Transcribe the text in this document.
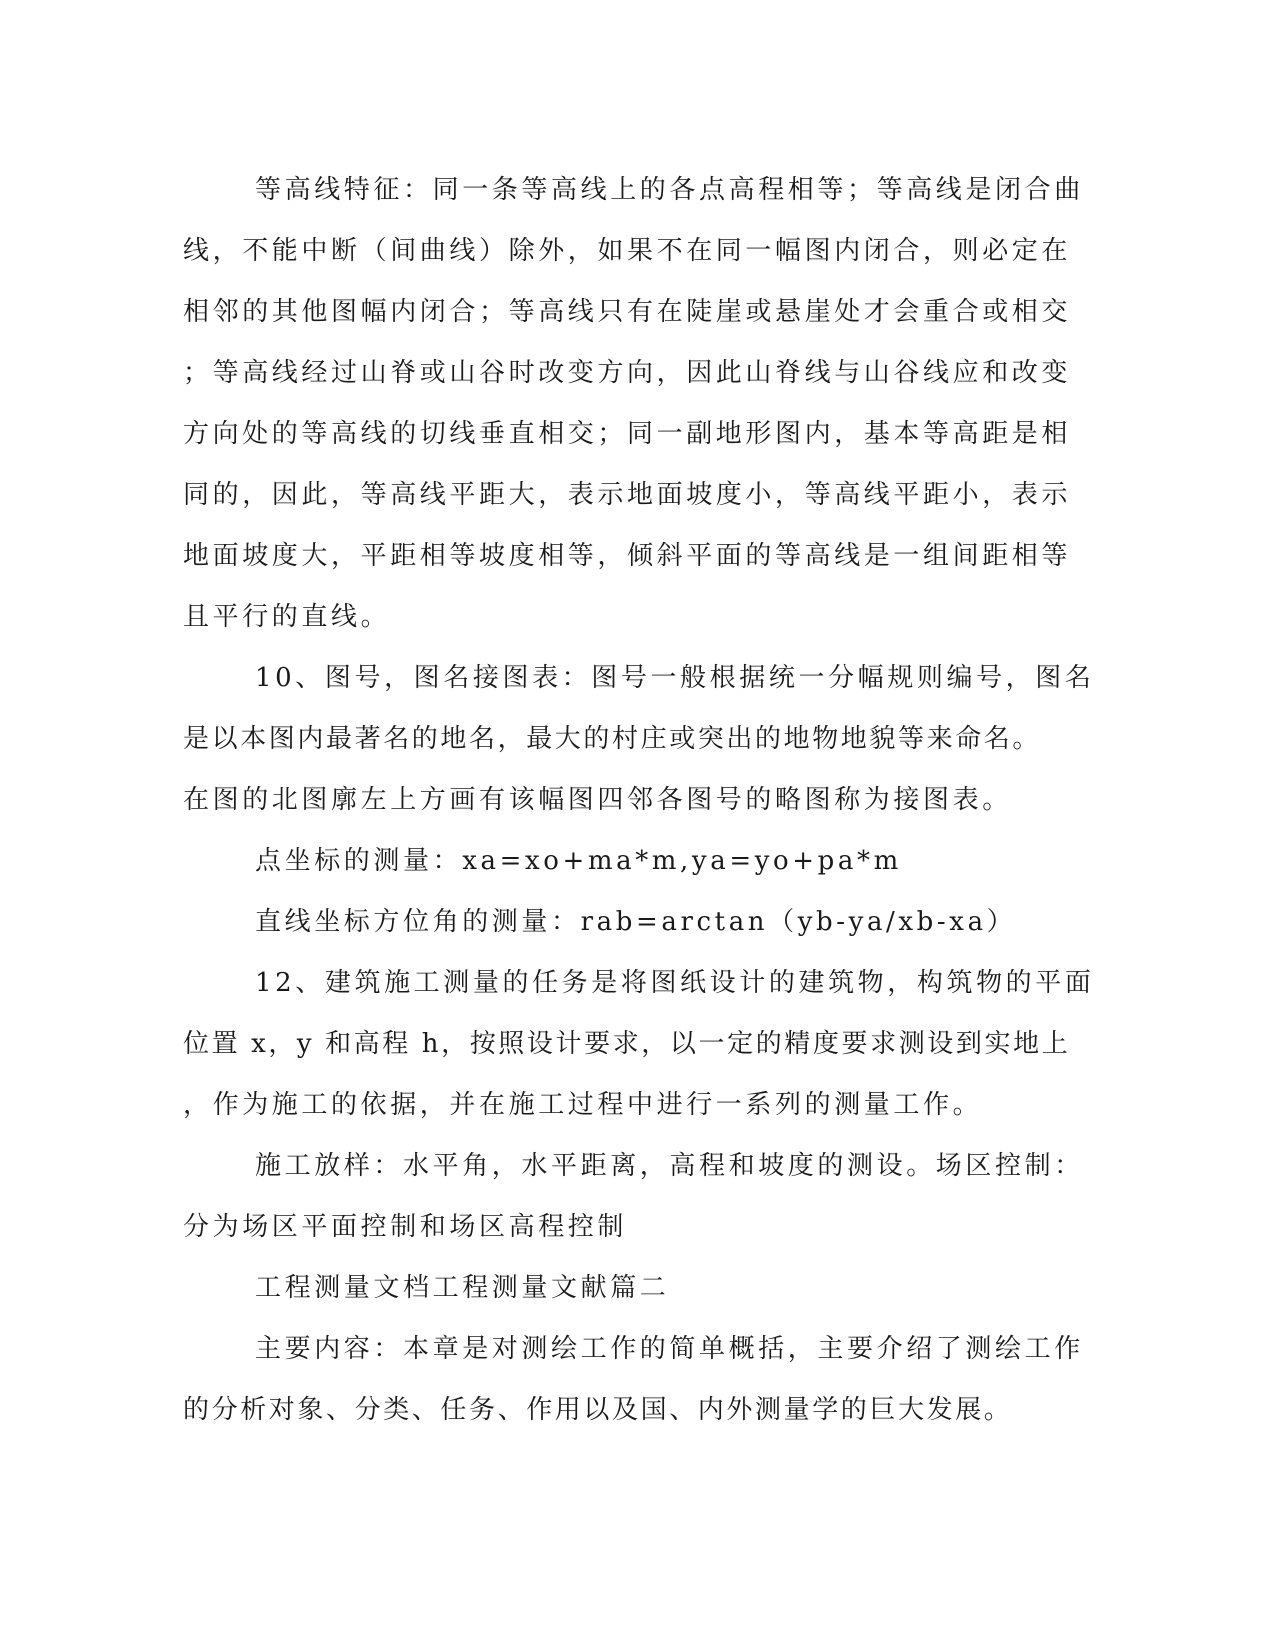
等高线特征：同一条等高线上的各点高程相等；等高线是闭合曲
线，不能中断（间曲线）除外，如果不在同一幅图内闭合，则必定在
相邻的其他图幅内闭合；等高线只有在陡崖或悬崖处才会重合或相交
；等高线经过山脊或山谷时改变方向，因此山脊线与山谷线应和改变
方向处的等高线的切线垂直相交；同一副地形图内，基本等高距是相
同的，因此，等高线平距大，表示地面坡度小，等高线平距小，表示
地面坡度大，平距相等坡度相等，倾斜平面的等高线是一组间距相等
且平行的直线。
10、图号，图名接图表：图号一般根据统一分幅规则编号，图名
是以本图内最著名的地名，最大的村庄或突出的地物地貌等来命名。
在图的北图廓左上方画有该幅图四邻各图号的略图称为接图表。
点坐标的测量：xa=xo+ma*m,ya=yo+pa*m
直线坐标方位角的测量：rab=arctan（yb-ya/xb-xa）
12、建筑施工测量的任务是将图纸设计的建筑物，构筑物的平面
位置 x，y 和高程 h，按照设计要求，以一定的精度要求测设到实地上
，作为施工的依据，并在施工过程中进行一系列的测量工作。
施工放样：水平角，水平距离，高程和坡度的测设。场区控制：
分为场区平面控制和场区高程控制
工程测量文档工程测量文献篇二
主要内容：本章是对测绘工作的简单概括，主要介绍了测绘工作
的分析对象、分类、任务、作用以及国、内外测量学的巨大发展。
